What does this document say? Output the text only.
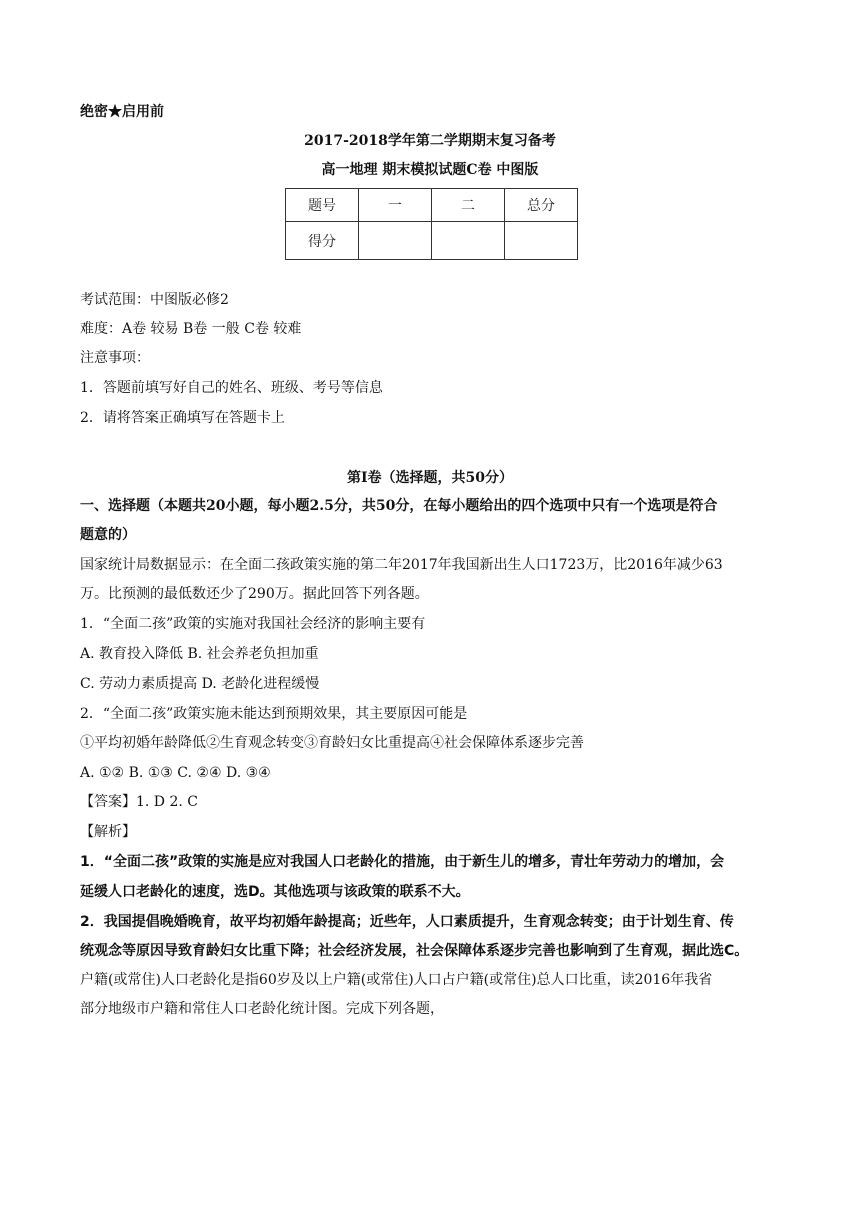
绝密★启用前
2017-2018学年第二学期期末复习备考
高一地理 期末模拟试题C卷 中图版
题号	一	二	总分
得分			
考试范围：中图版必修2
难度：A卷 较易 B卷 一般 C卷 较难
注意事项：
1．答题前填写好自己的姓名、班级、考号等信息
2．请将答案正确填写在答题卡上
第Ⅰ卷（选择题，共50分）
一、选择题（本题共20小题，每小题2.5分，共50分，在每小题给出的四个选项中只有一个选项是符合
题意的）
国家统计局数据显示：在全面二孩政策实施的第二年2017年我国新出生人口1723万，比2016年减少63
万。比预测的最低数还少了290万。据此回答下列各题。
1．“全面二孩”政策的实施对我国社会经济的影响主要有
A. 教育投入降低 B. 社会养老负担加重
C. 劳动力素质提高 D. 老龄化进程缓慢
2．“全面二孩”政策实施未能达到预期效果，其主要原因可能是
①平均初婚年龄降低②生育观念转变③育龄妇女比重提高④社会保障体系逐步完善
A. ①② B. ①③ C. ②④ D. ③④
【答案】1. D 2. C
【解析】
1．“全面二孩”政策的实施是应对我国人口老龄化的措施，由于新生儿的增多，青壮年劳动力的增加，会
延缓人口老龄化的速度，选D。其他选项与该政策的联系不大。
2．我国提倡晚婚晚育，故平均初婚年龄提高；近些年，人口素质提升，生育观念转变；由于计划生育、传
统观念等原因导致育龄妇女比重下降；社会经济发展，社会保障体系逐步完善也影响到了生育观，据此选C。
户籍(或常住)人口老龄化是指60岁及以上户籍(或常住)人口占户籍(或常住)总人口比重，读2016年我省
部分地级市户籍和常住人口老龄化统计图。完成下列各题，
